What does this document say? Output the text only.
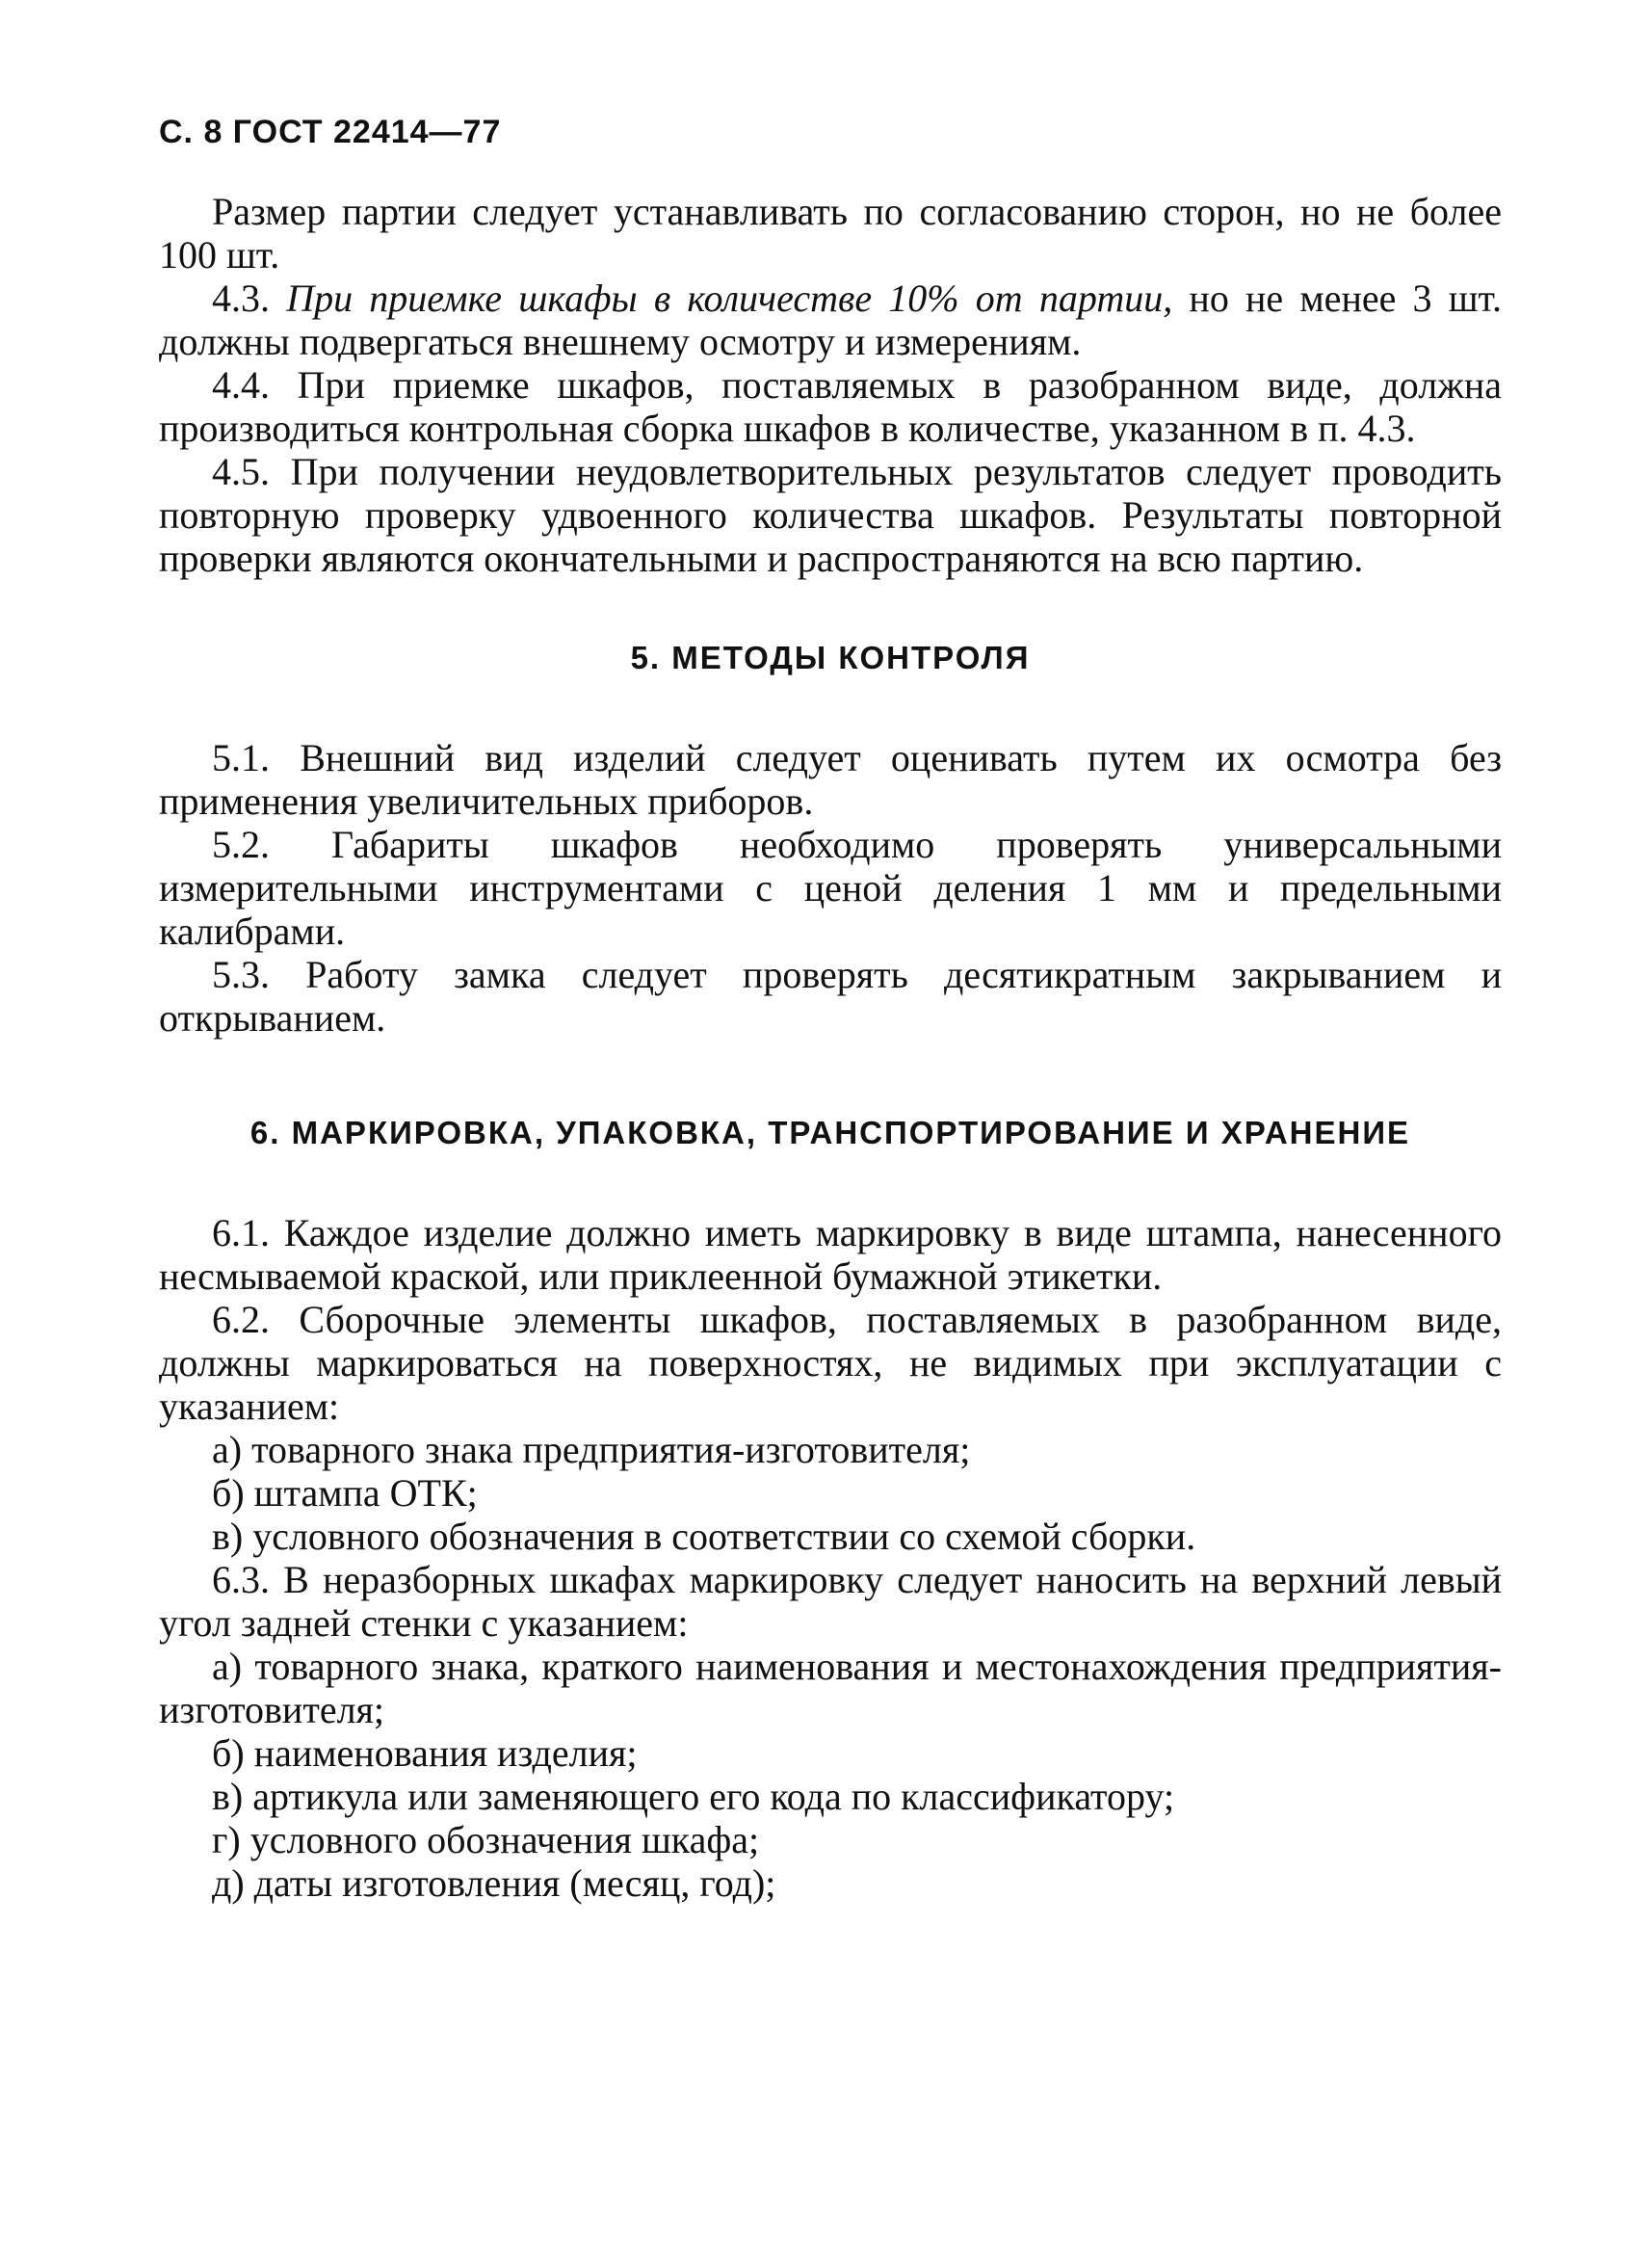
С. 8 ГОСТ 22414—77

Размер партии следует устанавливать по согласованию сторон, но не более 100 шт.

4.3. При приемке шкафы в количестве 10% от партии, но не менее 3 шт. должны подвергаться внешнему осмотру и измерениям.

4.4. При приемке шкафов, поставляемых в разобранном виде, должна производиться контрольная сборка шкафов в количестве, указанном в п. 4.3.

4.5. При получении неудовлетворительных результатов следует проводить повторную проверку удвоенного количества шкафов. Результаты повторной проверки являются окончательными и распространяются на всю партию.

5. МЕТОДЫ КОНТРОЛЯ

5.1. Внешний вид изделий следует оценивать путем их осмотра без применения увеличительных приборов.

5.2. Габариты шкафов необходимо проверять универсальными измерительными инструментами с ценой деления 1 мм и предельными калибрами.

5.3. Работу замка следует проверять десятикратным закрыванием и открыванием.

6. МАРКИРОВКА, УПАКОВКА, ТРАНСПОРТИРОВАНИЕ И ХРАНЕНИЕ

6.1. Каждое изделие должно иметь маркировку в виде штампа, нанесенного несмываемой краской, или приклеенной бумажной этикетки.

6.2. Сборочные элементы шкафов, поставляемых в разобранном виде, должны маркироваться на поверхностях, не видимых при эксплуатации с указанием:

а) товарного знака предприятия-изготовителя;

б) штампа ОТК;

в) условного обозначения в соответствии со схемой сборки.

6.3. В неразборных шкафах маркировку следует наносить на верхний левый угол задней стенки с указанием:

а) товарного знака, краткого наименования и местонахождения предприятия-изготовителя;

б) наименования изделия;

в) артикула или заменяющего его кода по классификатору;

г) условного обозначения шкафа;

д) даты изготовления (месяц, год);
